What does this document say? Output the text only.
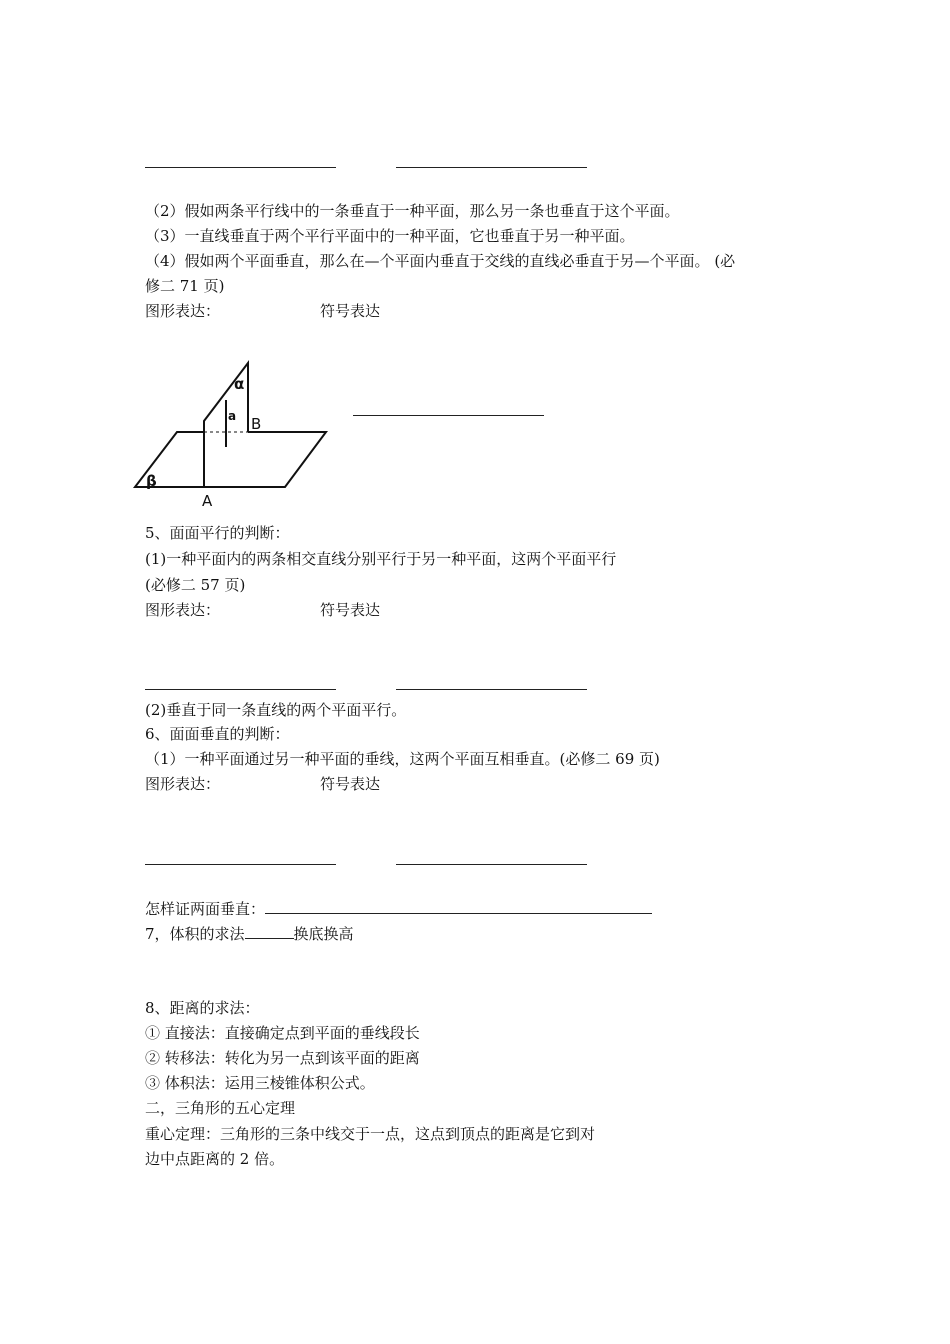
（2）假如两条平行线中的一条垂直于一种平面，那么另一条也垂直于这个平面。
（3）一直线垂直于两个平行平面中的一种平面，它也垂直于另一种平面。
（4）假如两个平面垂直，那么在—个平面内垂直于交线的直线必垂直于另—个平面。 (必
修二 71 页)
图形表达：	符号表达
α
β
a
A
B
5、面面平行的判断：
(1)一种平面内的两条相交直线分别平行于另一种平面，这两个平面平行
(必修二 57 页)
图形表达：	符号表达
(2)垂直于同一条直线的两个平面平行。
6、面面垂直的判断：
（1）一种平面通过另一种平面的垂线，这两个平面互相垂直。(必修二 69 页)
图形表达：	符号表达
怎样证两面垂直：
7，体积的求法	换底换高
8、距离的求法：
① 直接法：直接确定点到平面的垂线段长
② 转移法：转化为另一点到该平面的距离
③ 体积法：运用三棱锥体积公式。
二，三角形的五心定理
重心定理：三角形的三条中线交于一点，这点到顶点的距离是它到对
边中点距离的 2 倍。
